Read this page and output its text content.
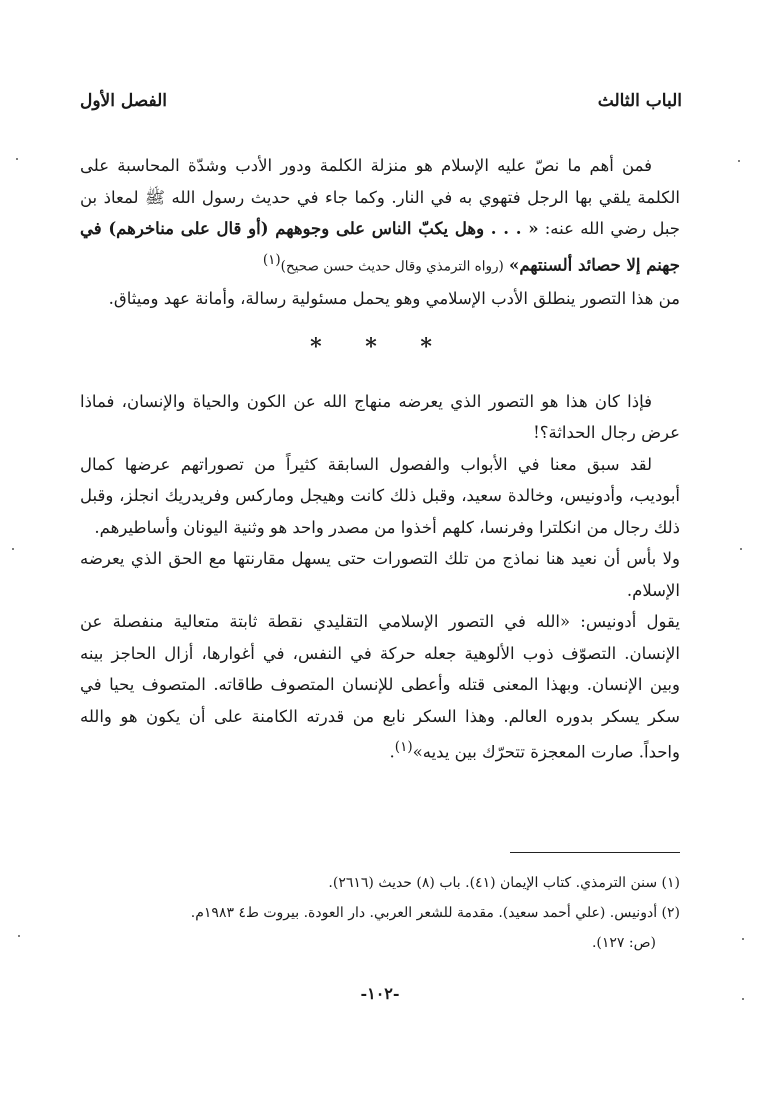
الباب الثالث
الفصل الأول

فمن أهم ما نصّ عليه الإسلام هو منزلة الكلمة ودور الأدب وشدّة المحاسبة على الكلمة يلقي بها الرجل فتهوي به في النار. وكما جاء في حديث رسول الله ﷺ لمعاذ بن جبل رضي الله عنه: « . . . وهل يكبّ الناس على وجوههم (أو قال على مناخرهم) في جهنم إلا حصائد ألسنتهم» (رواه الترمذي وقال حديث حسن صحيح)$^{(١)}$

من هذا التصور ينطلق الأدب الإسلامي وهو يحمل مسئولية رسالة، وأمانة عهد وميثاق.

* * *

فإذا كان هذا هو التصور الذي يعرضه منهاج الله عن الكون والحياة والإنسان، فماذا عرض رجال الحداثة؟!

لقد سبق معنا في الأبواب والفصول السابقة كثيراً من تصوراتهم عرضها كمال أبوديب، وأدونيس، وخالدة سعيد، وقبل ذلك كانت وهيجل وماركس وفريدريك انجلز، وقبل ذلك رجال من انكلترا وفرنسا، كلهم أخذوا من مصدر واحد هو وثنية اليونان وأساطيرهم.

ولا بأس أن نعيد هنا نماذج من تلك التصورات حتى يسهل مقارنتها مع الحق الذي يعرضه الإسلام.

يقول أدونيس: «الله في التصور الإسلامي التقليدي نقطة ثابتة متعالية منفصلة عن الإنسان. التصوّف ذوب الألوهية جعله حركة في النفس، في أغوارها، أزال الحاجز بينه وبين الإنسان. وبهذا المعنى قتله وأعطى للإنسان المتصوف طاقاته. المتصوف يحيا في سكر يسكر بدوره العالم. وهذا السكر نابع من قدرته الكامنة على أن يكون هو والله واحداً. صارت المعجزة تتحرّك بين يديه»$^{(١)}$.

(١) سنن الترمذي. كتاب الإيمان (٤١). باب (٨) حديث (٢٦١٦).

(٢) أدونيس. (علي أحمد سعيد). مقدمة للشعر العربي. دار العودة. بيروت ط٤ ١٩٨٣م.

(ص: ١٢٧).

-١٠٢-
